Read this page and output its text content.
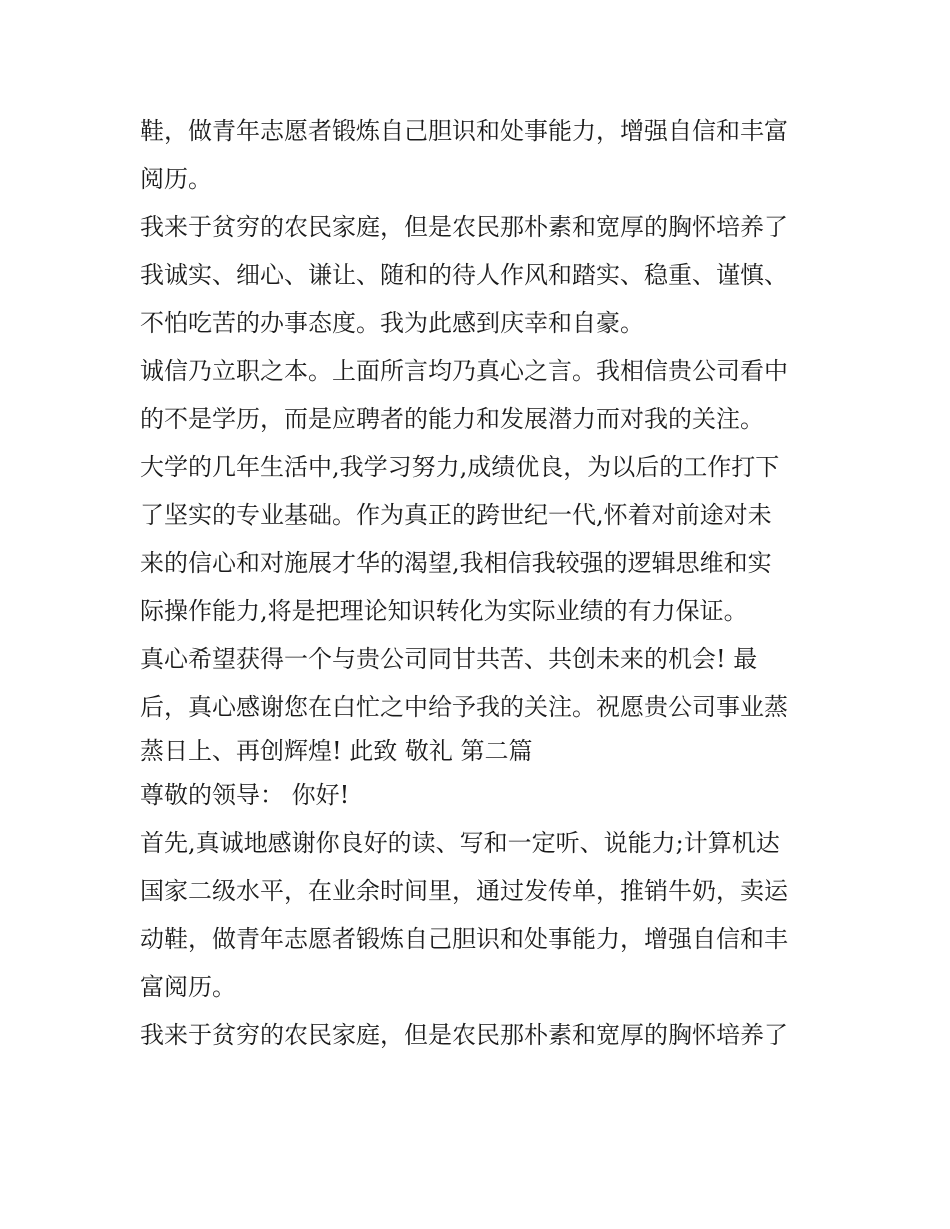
鞋，做青年志愿者锻炼自己胆识和处事能力，增强自信和丰富
阅历。
我来于贫穷的农民家庭，但是农民那朴素和宽厚的胸怀培养了
我诚实、细心、谦让、随和的待人作风和踏实、稳重、谨慎、
不怕吃苦的办事态度。我为此感到庆幸和自豪。
诚信乃立职之本。上面所言均乃真心之言。我相信贵公司看中
的不是学历，而是应聘者的能力和发展潜力而对我的关注。
大学的几年生活中,我学习努力,成绩优良，为以后的工作打下
了坚实的专业基础。作为真正的跨世纪一代,怀着对前途对未
来的信心和对施展才华的渴望,我相信我较强的逻辑思维和实
际操作能力,将是把理论知识转化为实际业绩的有力保证。
真心希望获得一个与贵公司同甘共苦、共创未来的机会! 最
后，真心感谢您在白忙之中给予我的关注。祝愿贵公司事业蒸
蒸日上、再创辉煌! 此致 敬礼 第二篇
尊敬的领导： 你好!
首先,真诚地感谢你良好的读、写和一定听、说能力;计算机达
国家二级水平，在业余时间里，通过发传单，推销牛奶，卖运
动鞋，做青年志愿者锻炼自己胆识和处事能力，增强自信和丰
富阅历。
我来于贫穷的农民家庭，但是农民那朴素和宽厚的胸怀培养了
